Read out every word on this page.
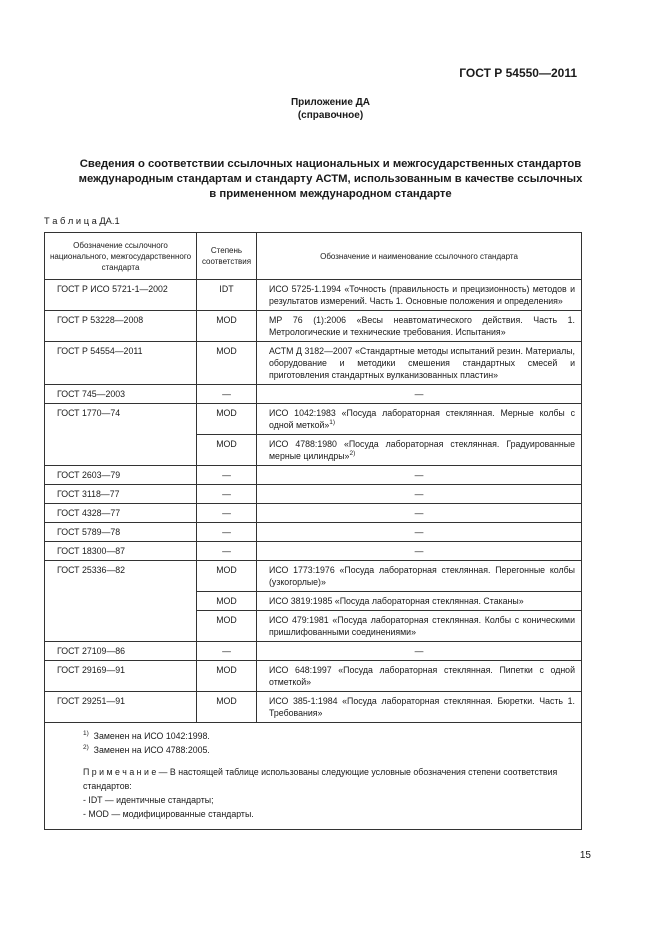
ГОСТ Р 54550—2011
Приложение ДА
(справочное)
Сведения о соответствии ссылочных национальных и межгосударственных стандартов
международным стандартам и стандарту АСТМ, использованным в качестве ссылочных
в примененном международном стандарте
Т а б л и ц а ДА.1
Обозначение ссылочного национального, межгосударственного стандарта	Степень соответствия	Обозначение и наименование ссылочного стандарта
ГОСТ Р ИСО 5721-1—2002	IDT	ИСО 5725-1.1994 «Точность (правильность и прецизионность) методов и результатов измерений. Часть 1. Основные положения и определения»
ГОСТ Р 53228—2008	MOD	МР 76 (1):2006 «Весы неавтоматического действия. Часть 1. Метрологические и технические требования. Испытания»
ГОСТ Р 54554—2011	MOD	АСТМ Д 3182—2007 «Стандартные методы испытаний резин. Материалы, оборудование и методики смешения стандартных смесей и приготовления стандартных вулканизованных пластин»
ГОСТ 745—2003	—	—
ГОСТ 1770—74	MOD	ИСО 1042:1983 «Посуда лабораторная стеклянная. Мерные колбы с одной меткой»$^{1)}$
	MOD	ИСО 4788:1980 «Посуда лабораторная стеклянная. Градуированные мерные цилиндры»$^{2)}$
ГОСТ 2603—79	—	—
ГОСТ 3118—77	—	—
ГОСТ 4328—77	—	—
ГОСТ 5789—78	—	—
ГОСТ 18300—87	—	—
ГОСТ 25336—82	MOD	ИСО 1773:1976 «Посуда лабораторная стеклянная. Перегонные колбы (узкогорлые)»
	MOD	ИСО 3819:1985 «Посуда лабораторная стеклянная. Стаканы»
	MOD	ИСО 479:1981 «Посуда лабораторная стеклянная. Колбы с коническими пришлифованными соединениями»
ГОСТ 27109—86	—	—
ГОСТ 29169—91	MOD	ИСО 648:1997 «Посуда лабораторная стеклянная. Пипетки с одной отметкой»
ГОСТ 29251—91	MOD	ИСО 385-1:1984 «Посуда лабораторная стеклянная. Бюретки. Часть 1. Требования»

$^{1)}$ Заменен на ИСО 1042:1998.

$^{2)}$ Заменен на ИСО 4788:2005.

П р и м е ч а н и е — В настоящей таблице использованы следующие условные обозначения степени соответствия стандартов:

- IDT — идентичные стандарты;

- MOD — модифицированные стандарты.		

15
